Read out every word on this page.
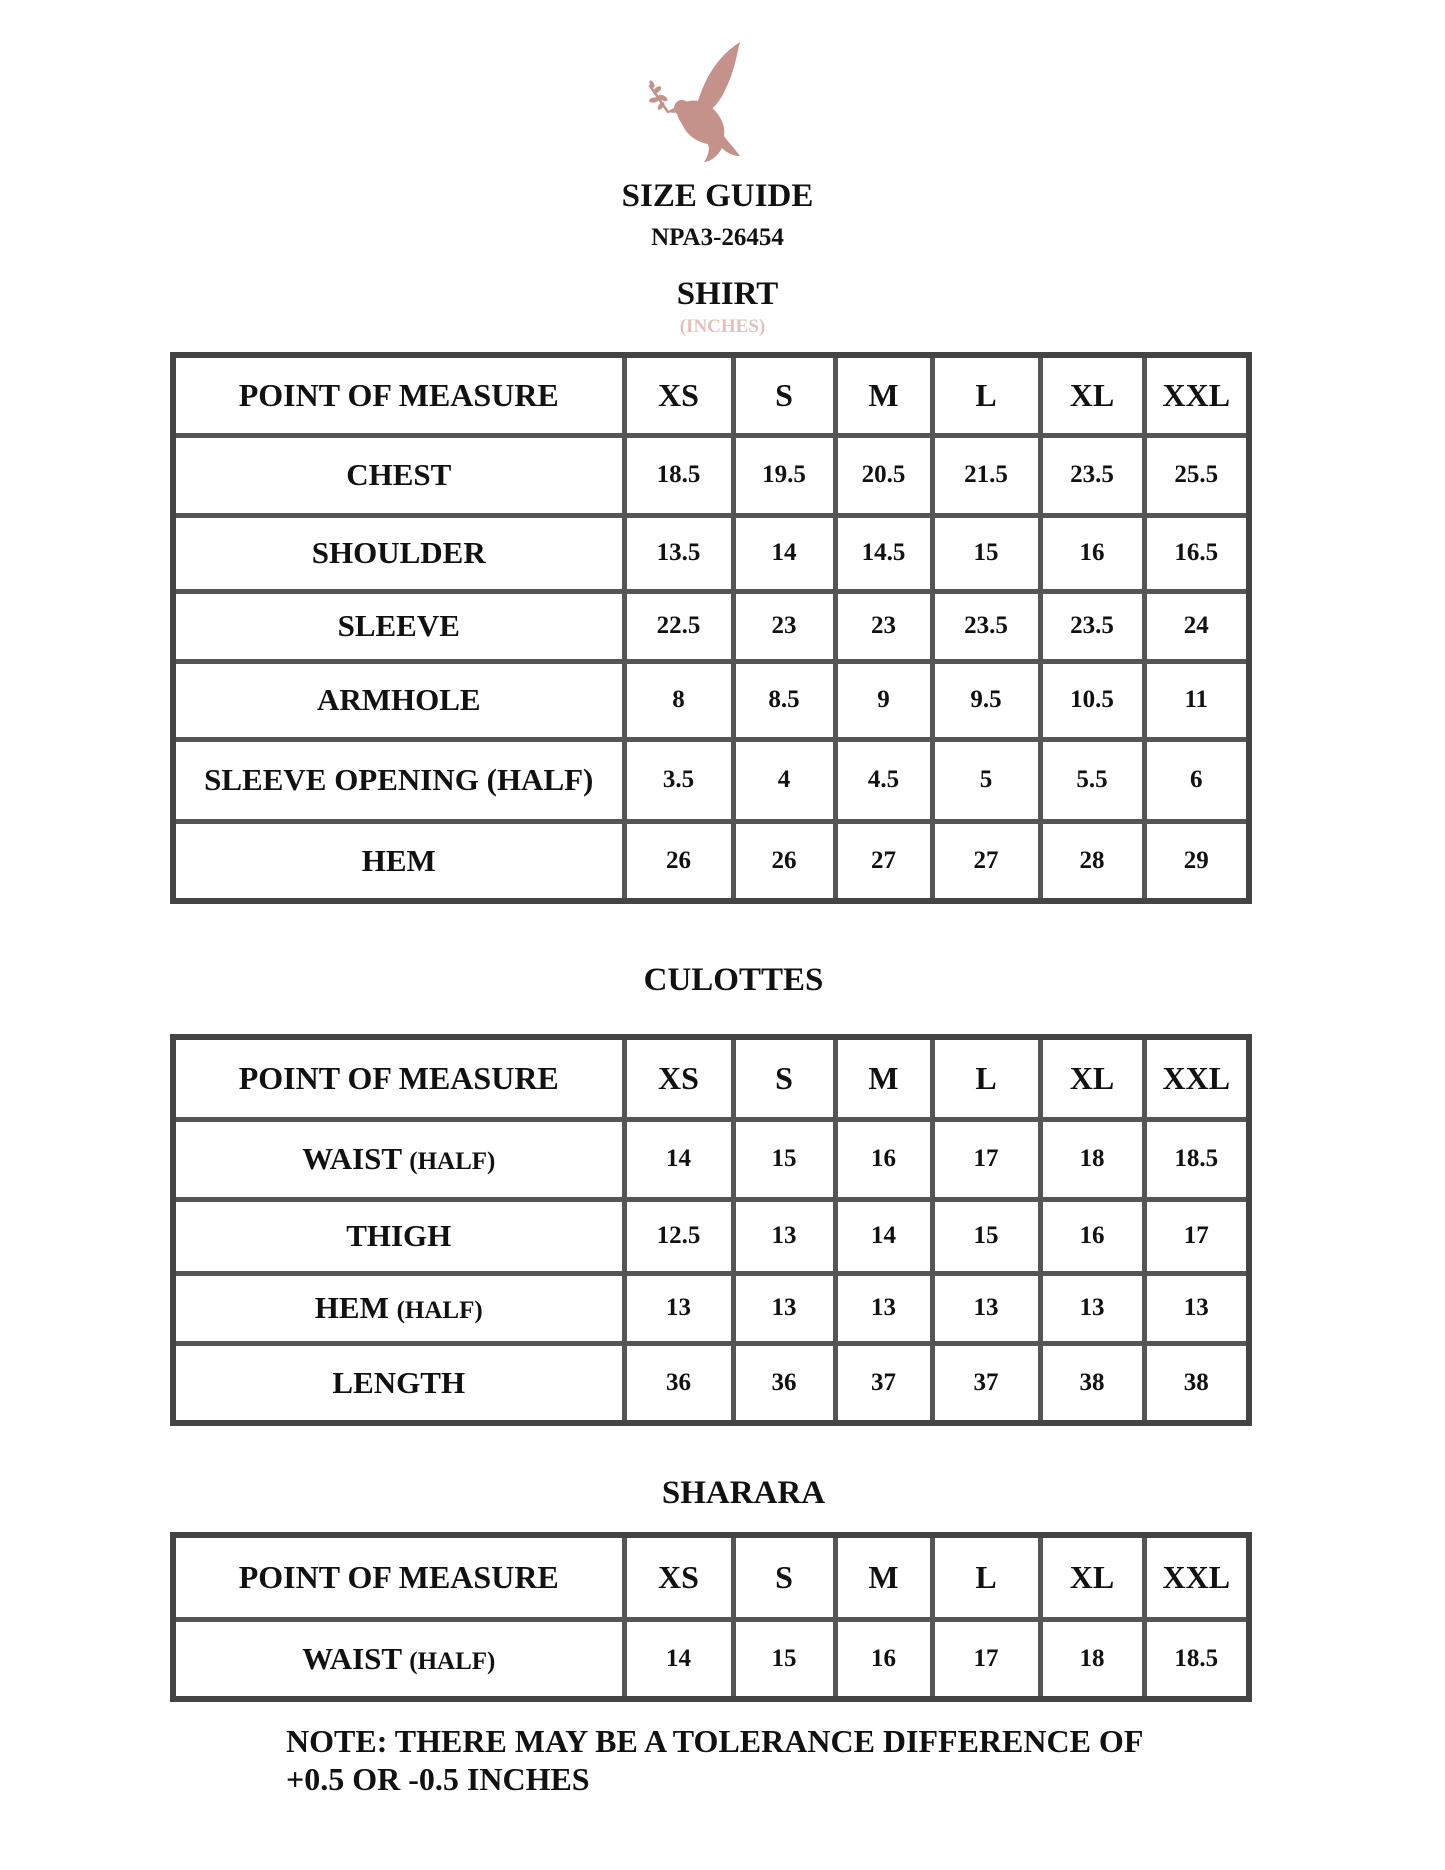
SIZE GUIDE
NPA3-26454
SHIRT
(INCHES)
POINT OF MEASURE	XS	S	M	L	XL	XXL
CHEST	18.5	19.5	20.5	21.5	23.5	25.5
SHOULDER	13.5	14	14.5	15	16	16.5
SLEEVE	22.5	23	23	23.5	23.5	24
ARMHOLE	8	8.5	9	9.5	10.5	11
SLEEVE OPENING (HALF)	3.5	4	4.5	5	5.5	6
HEM	26	26	27	27	28	29
CULOTTES
POINT OF MEASURE	XS	S	M	L	XL	XXL
WAIST (HALF)	14	15	16	17	18	18.5
THIGH	12.5	13	14	15	16	17
HEM (HALF)	13	13	13	13	13	13
LENGTH	36	36	37	37	38	38
SHARARA
POINT OF MEASURE	XS	S	M	L	XL	XXL
WAIST (HALF)	14	15	16	17	18	18.5
NOTE: THERE MAY BE A TOLERANCE DIFFERENCE OF
+0.5 OR -0.5 INCHES
